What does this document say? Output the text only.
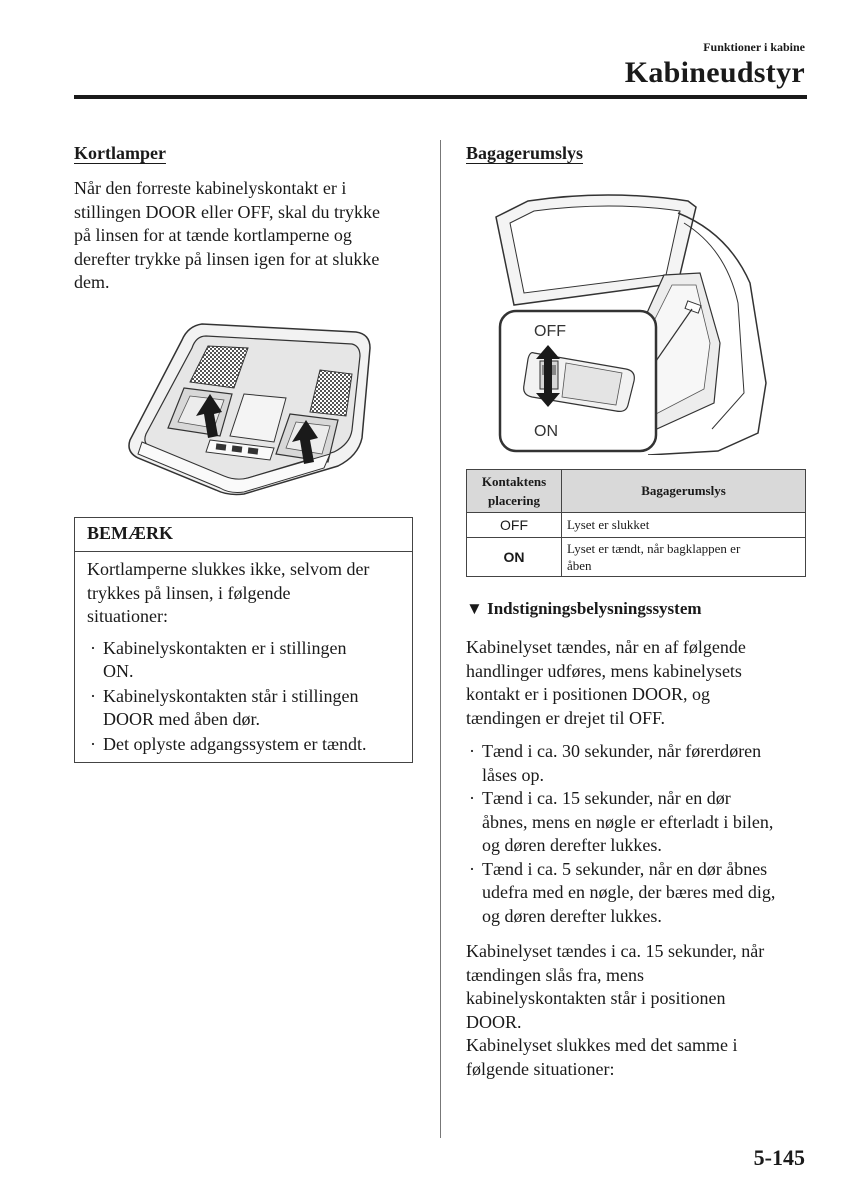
Funktioner i kabine
Kabineudstyr
Kortlamper
Når den forreste kabinelyskontakt er i
stillingen DOOR eller OFF, skal du trykke
på linsen for at tænde kortlamperne og
derefter trykke på linsen igen for at slukke
dem.
BEMÆRK
Kortlamperne slukkes ikke, selvom der
trykkes på linsen, i følgende
situationer:
· Kabinelyskontakten er i stillingen
ON.
· Kabinelyskontakten står i stillingen
DOOR med åben dør.
· Det oplyste adgangssystem er tændt.
Bagagerumslys
OFF
ON
Kontaktens
placering	Bagagerumslys
OFF	Lyset er slukket

ON	Lyset er tændt, når bagklappen er
åben
▼ Indstigningsbelysningssystem
Kabinelyset tændes, når en af følgende
handlinger udføres, mens kabinelysets
kontakt er i positionen DOOR, og
tændingen er drejet til OFF.
· Tænd i ca. 30 sekunder, når førerdøren
låses op.
· Tænd i ca. 15 sekunder, når en dør
åbnes, mens en nøgle er efterladt i bilen,
og døren derefter lukkes.
· Tænd i ca. 5 sekunder, når en dør åbnes
udefra med en nøgle, der bæres med dig,
og døren derefter lukkes.
Kabinelyset tændes i ca. 15 sekunder, når
tændingen slås fra, mens
kabinelyskontakten står i positionen
DOOR.
Kabinelyset slukkes med det samme i
følgende situationer:
5-145
